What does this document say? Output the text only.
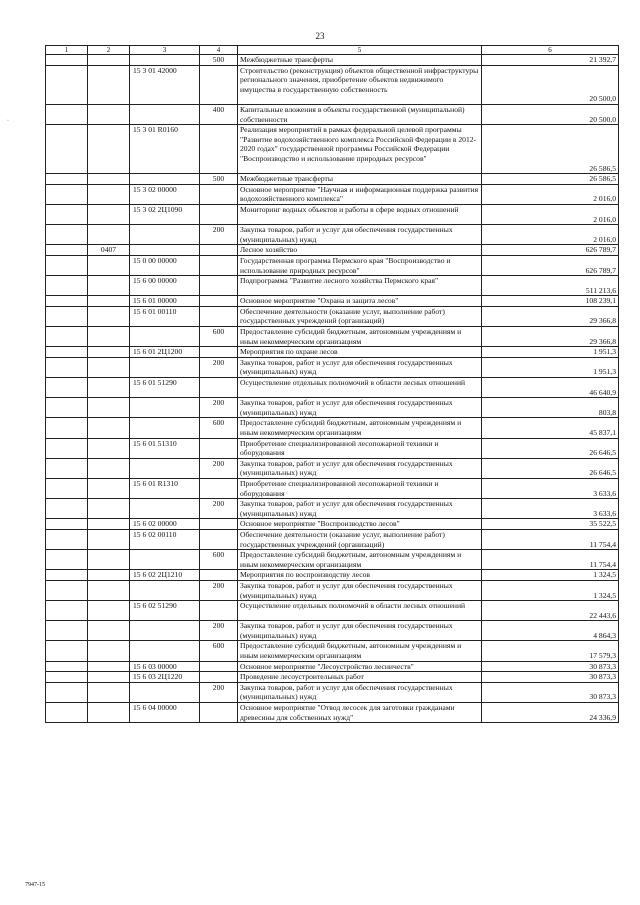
23
·
1	2	3	4	5	6
			500	Межбюджетные трансферты	21 392,7
		15 3 01 42000		Строительство (реконструкция) объектов общественной инфраструктуры регионального значения, приобретение объектов недвижимого имущества в государственную собственность	20 500,0
			400	Капитальные вложения в объекты государственной (муниципальной) собственности	20 500,0
		15 3 01 R0160		Реализация мероприятий в рамках федеральной целевой программы "Развитие водохозяйственного комплекса Российской Федерации в 2012-2020 годах" государственной программы Российской Федерации "Воспроизводство и использование природных ресурсов"	26 586,5
			500	Межбюджетные трансферты	26 586,5
		15 3 02 00000		Основное мероприятие "Научная и информационная поддержка развития водохозяйственного комплекса"	2 016,0
		15 3 02 2Ц1090		Мониторинг водных объектов и работы в сфере водных отношений	2 016,0
			200	Закупка товаров, работ и услуг для обеспечения государственных (муниципальных) нужд	2 016,0
	0407			Лесное хозяйство	626 789,7
		15 0 00 00000		Государственная программа Пермского края "Воспроизводство и использование природных ресурсов"	626 789,7
		15 6 00 00000		Подпрограмма "Развитие лесного хозяйства Пермского края"	511 213,6
		15 6 01 00000		Основное мероприятие "Охрана и защита лесов"	108 239,1
		15 6 01 00110		Обеспечение деятельности (оказание услуг, выполнение работ) государственных учреждений (организаций)	29 366,8
			600	Предоставление субсидий бюджетным, автономным учреждениям и иным некоммерческим организациям	29 366,8
		15 6 01 2Ц1200		Мероприятия по охране лесов	1 951,3
			200	Закупка товаров, работ и услуг для обеспечения государственных (муниципальных) нужд	1 951,3
		15 6 01 51290		Осуществление отдельных полномочий в области лесных отношений	46 640,9
			200	Закупка товаров, работ и услуг для обеспечения государственных (муниципальных) нужд	803,8
			600	Предоставление субсидий бюджетным, автономным учреждениям и иным некоммерческим организациям	45 837,1
		15 6 01 51310		Приобретение специализированной лесопожарной техники и оборудования	26 646,5
			200	Закупка товаров, работ и услуг для обеспечения государственных (муниципальных) нужд	26 646,5
		15 6 01 R1310		Приобретение специализированной лесопожарной техники и оборудования	3 633,6
			200	Закупка товаров, работ и услуг для обеспечения государственных (муниципальных) нужд	3 633,6
		15 6 02 00000		Основное мероприятие "Воспроизводство лесов"	35 522,5
		15 6 02 00110		Обеспечение деятельности (оказание услуг, выполнение работ) государственных учреждений (организаций)	11 754,4
			600	Предоставление субсидий бюджетным, автономным учреждениям и иным некоммерческим организациям	11 754,4
		15 6 02 2Ц1210		Мероприятия по воспроизводству лесов	1 324,5
			200	Закупка товаров, работ и услуг для обеспечения государственных (муниципальных) нужд	1 324,5
		15 6 02 51290		Осуществление отдельных полномочий в области лесных отношений	22 443,6
			200	Закупка товаров, работ и услуг для обеспечения государственных (муниципальных) нужд	4 864,3
			600	Предоставление субсидий бюджетным, автономным учреждениям и иным некоммерческим организациям	17 579,3
		15 6 03 00000		Основное мероприятие "Лесоустройство лесничеств"	30 873,3
		15 6 03 2Ц1220		Проведение лесоустроительных работ	30 873,3
			200	Закупка товаров, работ и услуг для обеспечения государственных (муниципальных) нужд	30 873,3
		15 6 04 00000		Основное мероприятие "Отвод лесосек для заготовки гражданами древесины для собственных нужд"	24 336,9
7947-15
